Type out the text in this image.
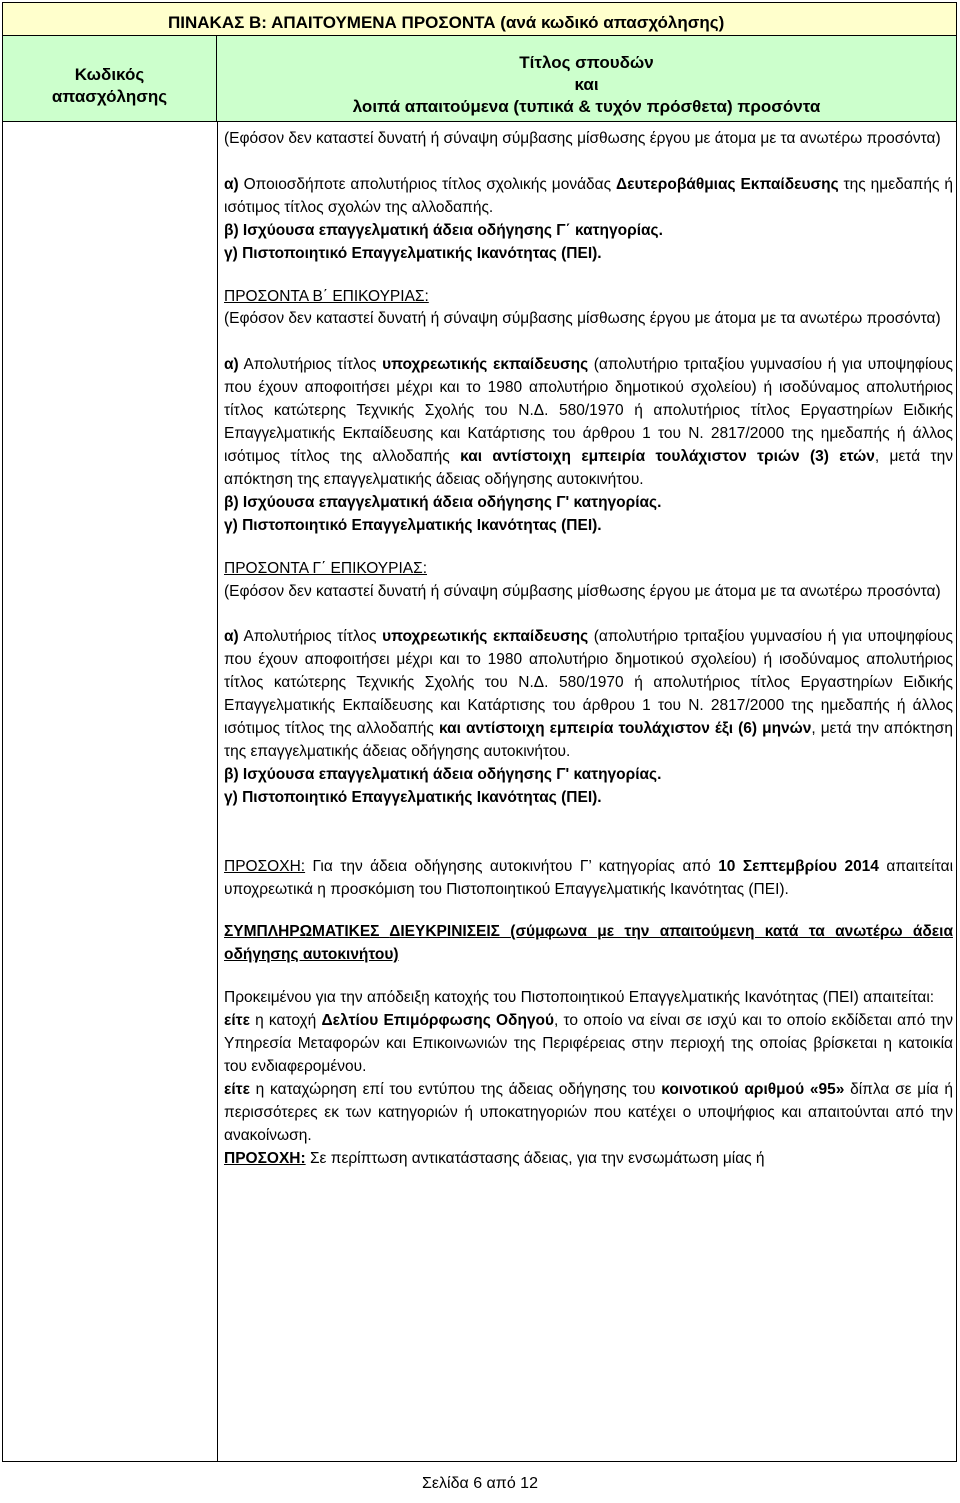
ΠΙΝΑΚΑΣ Β: ΑΠΑΙΤΟΥΜΕΝΑ ΠΡΟΣΟΝΤΑ (ανά κωδικό απασχόλησης)
Κωδικός
απασχόλησης
Τίτλος σπουδών
και
λοιπά απαιτούμενα (τυπικά & τυχόν πρόσθετα) προσόντα

(Εφόσον δεν καταστεί δυνατή ή σύναψη σύμβασης μίσθωσης έργου με άτομα με τα ανωτέρω προσόντα)

α) Οποιοσδήποτε απολυτήριος τίτλος σχολικής μονάδας Δευτεροβάθμιας Εκπαίδευσης της ημεδαπής ή ισότιμος τίτλος σχολών της αλλοδαπής.

β) Ισχύουσα επαγγελματική άδεια οδήγησης Γ΄ κατηγορίας.

γ) Πιστοποιητικό Επαγγελματικής Ικανότητας (ΠΕΙ).

ΠΡΟΣΟΝΤΑ Β΄ ΕΠΙΚΟΥΡΙΑΣ:

(Εφόσον δεν καταστεί δυνατή ή σύναψη σύμβασης μίσθωσης έργου με άτομα με τα ανωτέρω προσόντα)

α) Απολυτήριος τίτλος υποχρεωτικής εκπαίδευσης (απολυτήριο τριταξίου γυμνασίου ή για υποψηφίους που έχουν αποφοιτήσει μέχρι και το 1980 απολυτήριο δημοτικού σχολείου) ή ισοδύναμος απολυτήριος τίτλος κατώτερης Τεχνικής Σχολής του Ν.Δ. 580/1970 ή απολυτήριος τίτλος Εργαστηρίων Ειδικής Επαγγελματικής Εκπαίδευσης και Κατάρτισης του άρθρου 1 του Ν. 2817/2000 της ημεδαπής ή άλλος ισότιμος τίτλος της αλλοδαπής και αντίστοιχη εμπειρία τουλάχιστον τριών (3) ετών, μετά την απόκτηση της επαγγελματικής άδειας οδήγησης αυτοκινήτου.

β) Ισχύουσα επαγγελματική άδεια οδήγησης Γ' κατηγορίας.

γ) Πιστοποιητικό Επαγγελματικής Ικανότητας (ΠΕΙ).

ΠΡΟΣΟΝΤΑ Γ΄ ΕΠΙΚΟΥΡΙΑΣ:

(Εφόσον δεν καταστεί δυνατή ή σύναψη σύμβασης μίσθωσης έργου με άτομα με τα ανωτέρω προσόντα)

α) Απολυτήριος τίτλος υποχρεωτικής εκπαίδευσης (απολυτήριο τριταξίου γυμνασίου ή για υποψηφίους που έχουν αποφοιτήσει μέχρι και το 1980 απολυτήριο δημοτικού σχολείου) ή ισοδύναμος απολυτήριος τίτλος κατώτερης Τεχνικής Σχολής του Ν.Δ. 580/1970 ή απολυτήριος τίτλος Εργαστηρίων Ειδικής Επαγγελματικής Εκπαίδευσης και Κατάρτισης του άρθρου 1 του Ν. 2817/2000 της ημεδαπής ή άλλος ισότιμος τίτλος της αλλοδαπής και αντίστοιχη εμπειρία τουλάχιστον έξι (6) μηνών, μετά την απόκτηση της επαγγελματικής άδειας οδήγησης αυτοκινήτου.

β) Ισχύουσα επαγγελματική άδεια οδήγησης Γ' κατηγορίας.

γ) Πιστοποιητικό Επαγγελματικής Ικανότητας (ΠΕΙ).

ΠΡΟΣΟΧΗ: Για την άδεια οδήγησης αυτοκινήτου Γ’ κατηγορίας από 10 Σεπτεμβρίου 2014 απαιτείται υποχρεωτικά η προσκόμιση του Πιστοποιητικού Επαγγελματικής Ικανότητας (ΠΕΙ).

ΣΥΜΠΛΗΡΩΜΑΤΙΚΕΣ ΔΙΕΥΚΡΙΝΙΣΕΙΣ (σύμφωνα με την απαιτούμενη κατά τα ανωτέρω άδεια οδήγησης αυτοκινήτου)

Προκειμένου για την απόδειξη κατοχής του Πιστοποιητικού Επαγγελματικής Ικανότητας (ΠΕΙ) απαιτείται:

είτε η κατοχή Δελτίου Επιμόρφωσης Οδηγού, το οποίο να είναι σε ισχύ και το οποίο εκδίδεται από την Υπηρεσία Μεταφορών και Επικοινωνιών της Περιφέρειας στην περιοχή της οποίας βρίσκεται η κατοικία του ενδιαφερομένου.

είτε η καταχώρηση επί του εντύπου της άδειας οδήγησης του κοινοτικού αριθμού «95» δίπλα σε μία ή περισσότερες εκ των κατηγοριών ή υποκατηγοριών που κατέχει ο υποψήφιος και απαιτούνται από την ανακοίνωση.

ΠΡΟΣΟΧΗ: Σε περίπτωση αντικατάστασης άδειας, για την ενσωμάτωση μίας ή

Σελίδα 6 από 12
